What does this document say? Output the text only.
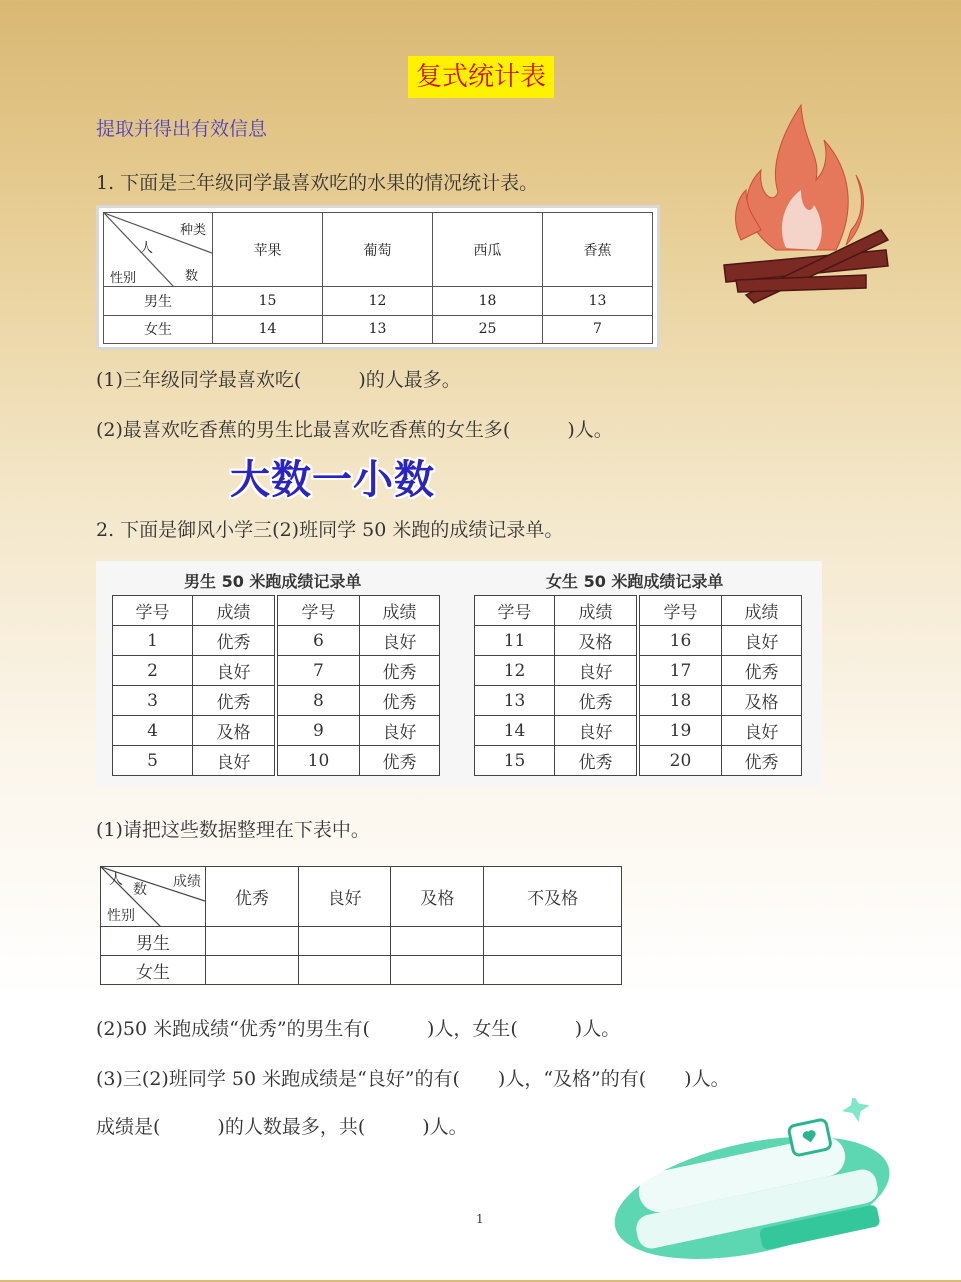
复式统计表
提取并得出有效信息
1. 下面是三年级同学最喜欢吃的水果的情况统计表。
种类
人
数
性别	苹果	葡萄	西瓜	香蕉
男生	15	12	18	13
女生	14	13	25	7
(1)三年级同学最喜欢吃(　　　)的人最多。
(2)最喜欢吃香蕉的男生比最喜欢吃香蕉的女生多(　　　)人。
大数一小数
2. 下面是御风小学三(2)班同学 50 米跑的成绩记录单。
男生 50 米跑成绩记录单	女生 50 米跑成绩记录单
学号	成绩	学号	成绩
1	优秀	6	良好
2	良好	7	优秀
3	优秀	8	优秀
4	及格	9	良好
5	良好	10	优秀
学号	成绩	学号	成绩
11	及格	16	良好
12	良好	17	优秀
13	优秀	18	及格
14	良好	19	良好
15	优秀	20	优秀
(1)请把这些数据整理在下表中。
人
数 成绩
性别	优秀	良好	及格	不及格
男生				
女生				
(2)50 米跑成绩“优秀”的男生有(　　　)人，女生(　　　)人。
(3)三(2)班同学 50 米跑成绩是“良好”的有(　　)人，“及格”的有(　　)人。
成绩是(　　　)的人数最多，共(　　　)人。
1
